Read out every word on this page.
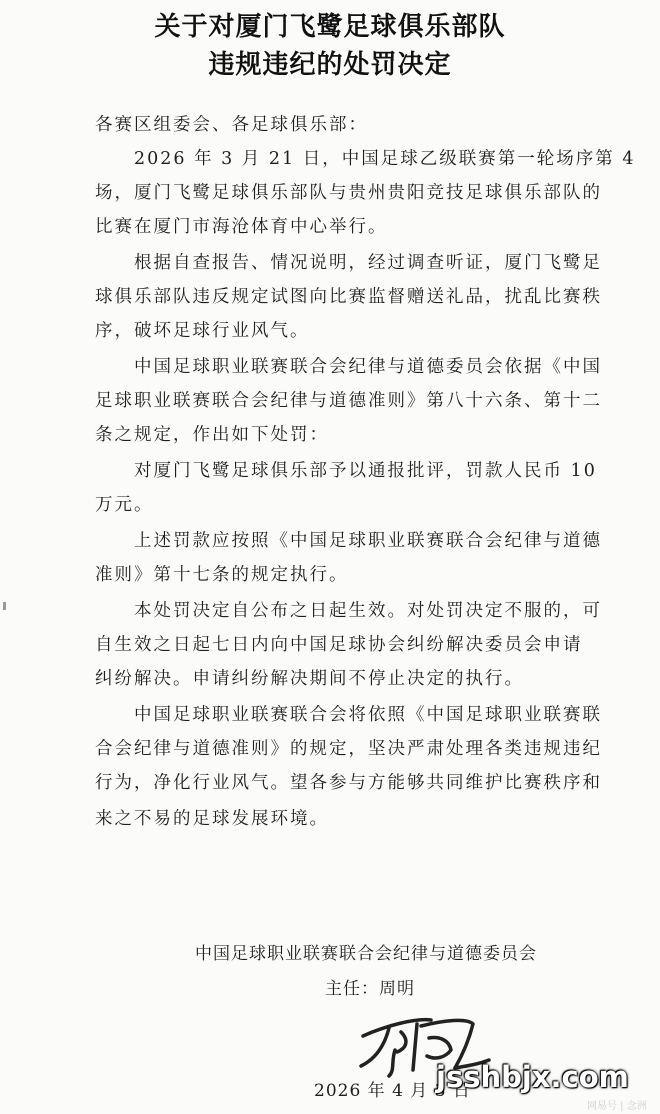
关于对厦门飞鹭足球俱乐部队
违规违纪的处罚决定
各赛区组委会、各足球俱乐部：
　　2026 年 3 月 21 日，中国足球乙级联赛第一轮场序第 4
场，厦门飞鹭足球俱乐部队与贵州贵阳竞技足球俱乐部队的
比赛在厦门市海沧体育中心举行。
　　根据自查报告、情况说明，经过调查听证，厦门飞鹭足
球俱乐部队违反规定试图向比赛监督赠送礼品，扰乱比赛秩
序，破坏足球行业风气。
　　中国足球职业联赛联合会纪律与道德委员会依据《中国
足球职业联赛联合会纪律与道德准则》第八十六条、第十二
条之规定，作出如下处罚：
　　对厦门飞鹭足球俱乐部予以通报批评，罚款人民币 10
万元。
　　上述罚款应按照《中国足球职业联赛联合会纪律与道德
准则》第十七条的规定执行。
　　本处罚决定自公布之日起生效。对处罚决定不服的，可
自生效之日起七日内向中国足球协会纠纷解决委员会申请
纠纷解决。申请纠纷解决期间不停止决定的执行。
　　中国足球职业联赛联合会将依照《中国足球职业联赛联
合会纪律与道德准则》的规定，坚决严肃处理各类违规违纪
行为，净化行业风气。望各参与方能够共同维护比赛秩序和
来之不易的足球发展环境。
中国足球职业联赛联合会纪律与道德委员会
主任：周明
2026 年 4 月 3 日
jsshbjx.com
网易号 | 念洲
